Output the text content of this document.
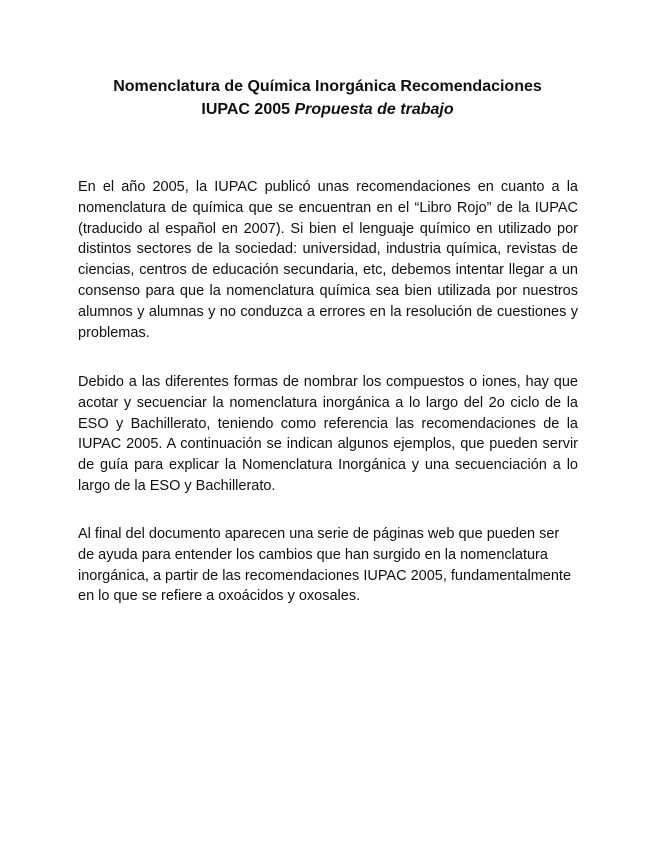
Nomenclatura de Química Inorgánica Recomendaciones
IUPAC 2005 Propuesta de trabajo

En el año 2005, la IUPAC publicó unas recomendaciones en cuanto a la nomenclatura de química que se encuentran en el “Libro Rojo” de la IUPAC (traducido al español en 2007). Si bien el lenguaje químico en utilizado por distintos sectores de la sociedad: universidad, industria química, revistas de ciencias, centros de educación secundaria, etc, debemos intentar llegar a un consenso para que la nomenclatura química sea bien utilizada por nuestros alumnos y alumnas y no conduzca a errores en la resolución de cuestiones y problemas.

Debido a las diferentes formas de nombrar los compuestos o iones, hay que acotar y secuenciar la nomenclatura inorgánica a lo largo del 2o ciclo de la ESO y Bachillerato, teniendo como referencia las recomendaciones de la IUPAC 2005. A continuación se indican algunos ejemplos, que pueden servir de guía para explicar la Nomenclatura Inorgánica y una secuenciación a lo largo de la ESO y Bachillerato.

Al final del documento aparecen una serie de páginas web que pueden ser de ayuda para entender los cambios que han surgido en la nomenclatura inorgánica, a partir de las recomendaciones IUPAC 2005, fundamentalmente en lo que se refiere a oxoácidos y oxosales.
